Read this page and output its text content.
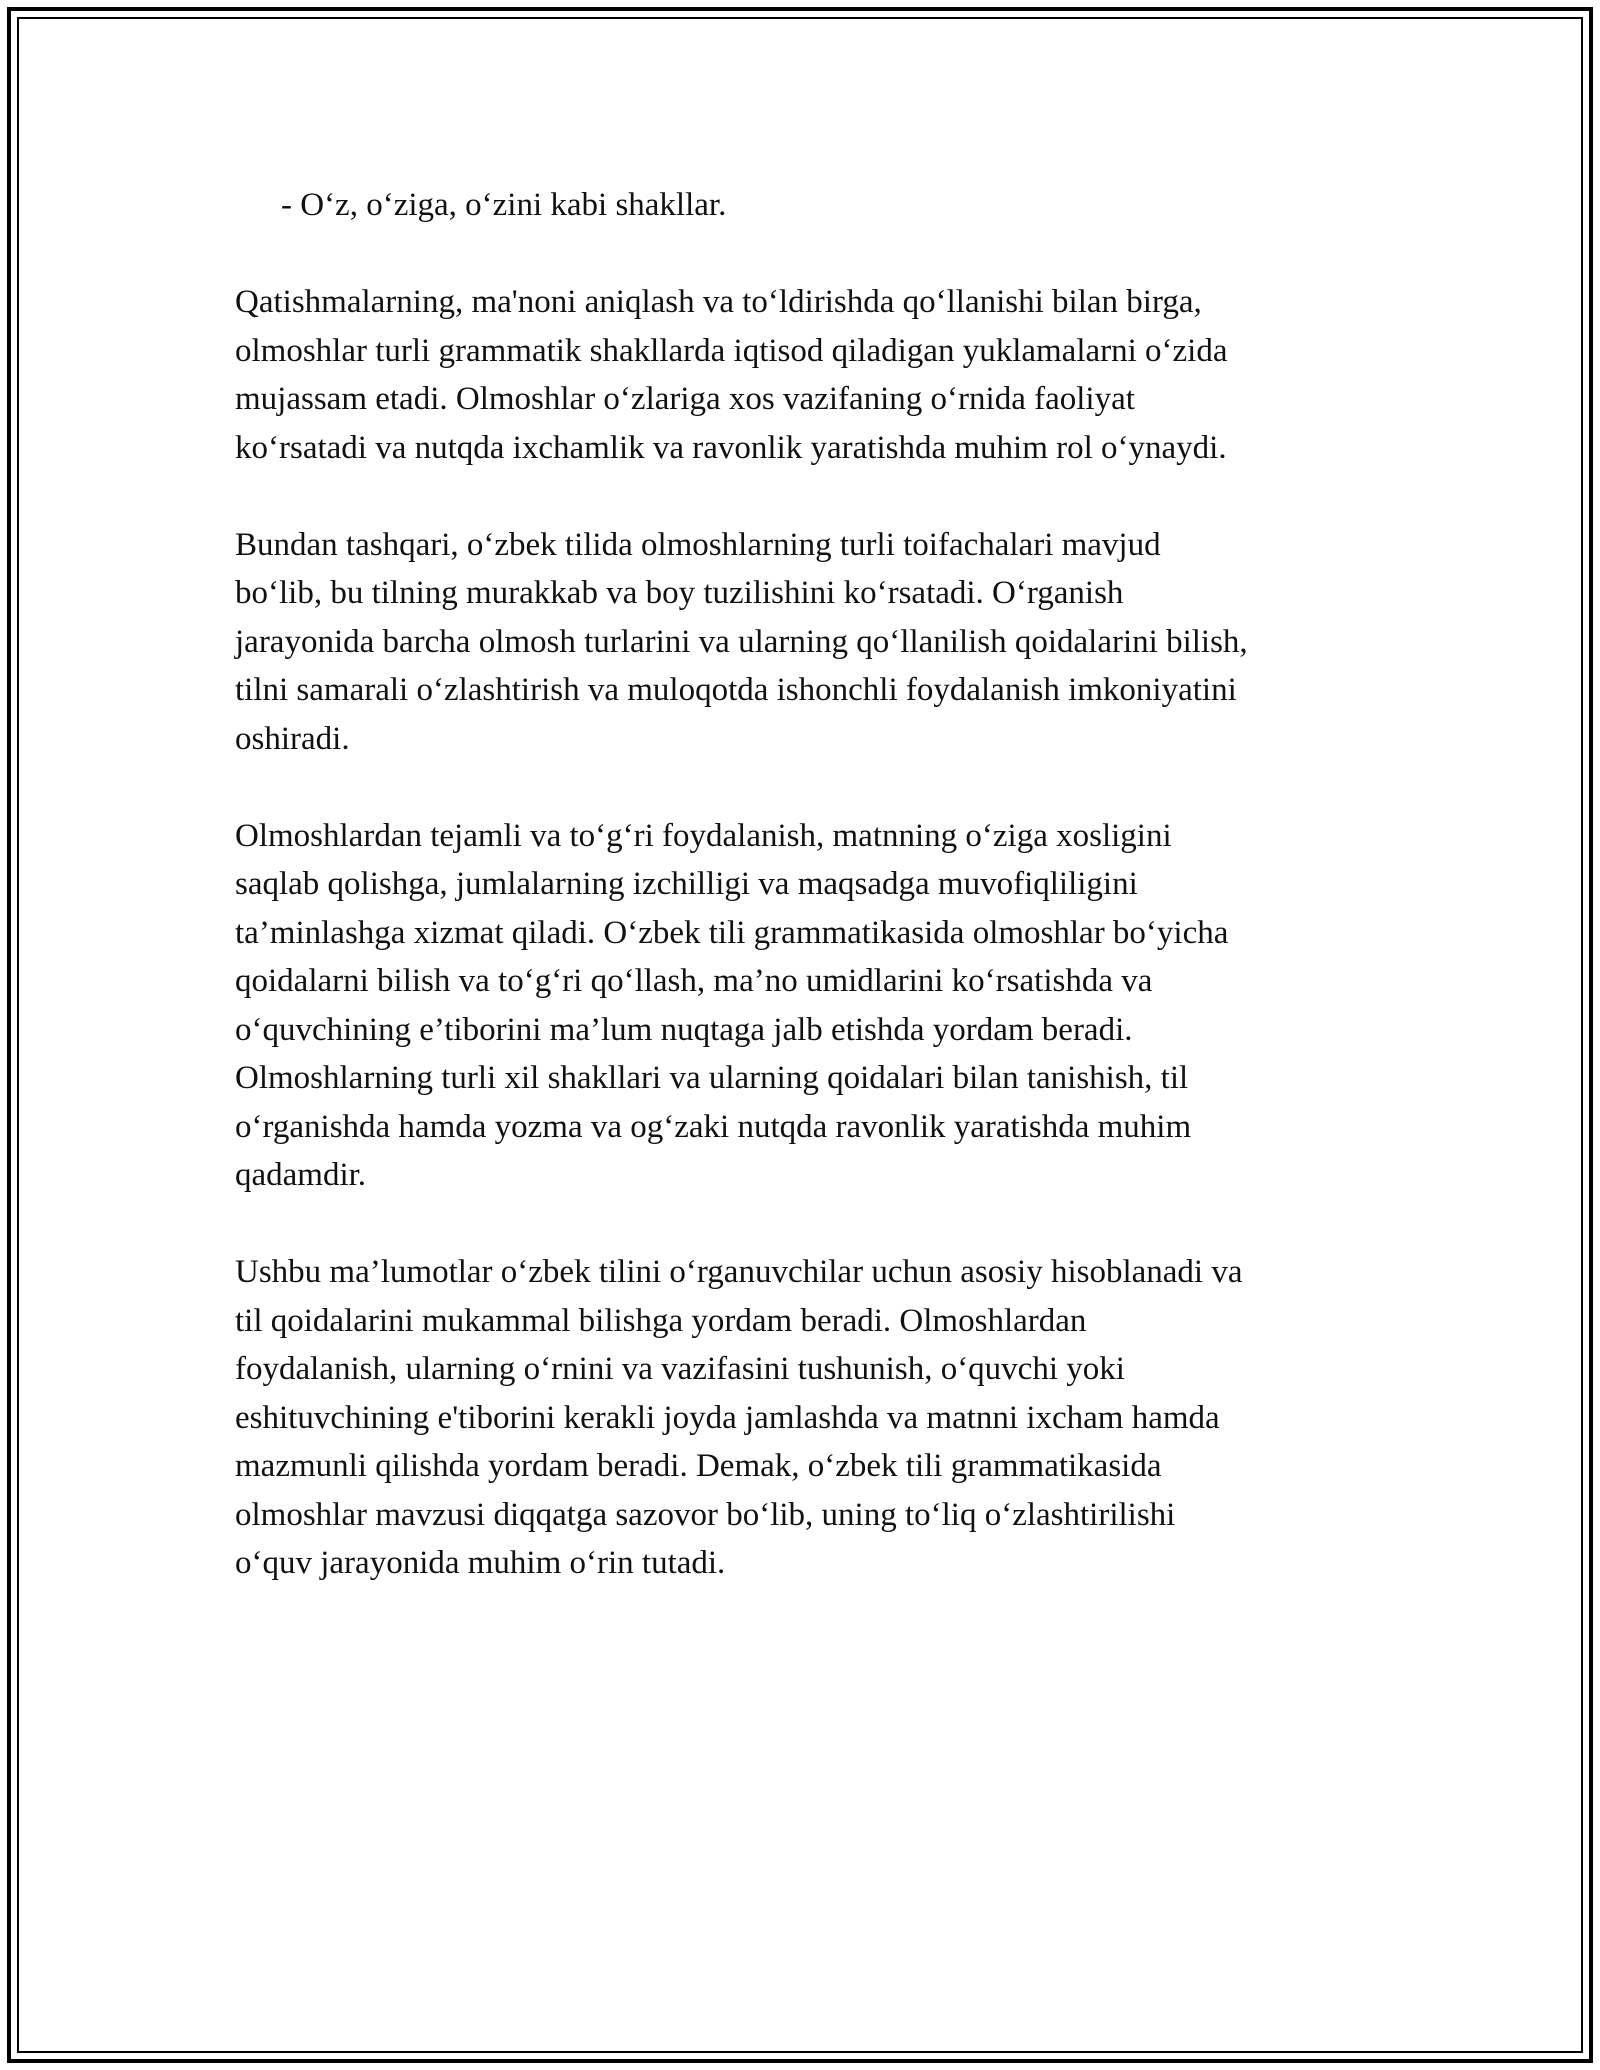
- O‘z, o‘ziga, o‘zini kabi shakllar.
Qatishmalarning, ma'noni aniqlash va to‘ldirishda qo‘llanishi bilan birga,
olmoshlar turli grammatik shakllarda iqtisod qiladigan yuklamalarni o‘zida
mujassam etadi. Olmoshlar o‘zlariga xos vazifaning o‘rnida faoliyat
ko‘rsatadi va nutqda ixchamlik va ravonlik yaratishda muhim rol o‘ynaydi.
Bundan tashqari, o‘zbek tilida olmoshlarning turli toifachalari mavjud
bo‘lib, bu tilning murakkab va boy tuzilishini ko‘rsatadi. O‘rganish
jarayonida barcha olmosh turlarini va ularning qo‘llanilish qoidalarini bilish,
tilni samarali o‘zlashtirish va muloqotda ishonchli foydalanish imkoniyatini
oshiradi.
Olmoshlardan tejamli va to‘g‘ri foydalanish, matnning o‘ziga xosligini
saqlab qolishga, jumlalarning izchilligi va maqsadga muvofiqliligini
ta’minlashga xizmat qiladi. O‘zbek tili grammatikasida olmoshlar bo‘yicha
qoidalarni bilish va to‘g‘ri qo‘llash, ma’no umidlarini ko‘rsatishda va
o‘quvchining e’tiborini ma’lum nuqtaga jalb etishda yordam beradi.
Olmoshlarning turli xil shakllari va ularning qoidalari bilan tanishish, til
o‘rganishda hamda yozma va og‘zaki nutqda ravonlik yaratishda muhim
qadamdir.
Ushbu ma’lumotlar o‘zbek tilini o‘rganuvchilar uchun asosiy hisoblanadi va
til qoidalarini mukammal bilishga yordam beradi. Olmoshlardan
foydalanish, ularning o‘rnini va vazifasini tushunish, o‘quvchi yoki
eshituvchining e'tiborini kerakli joyda jamlashda va matnni ixcham hamda
mazmunli qilishda yordam beradi. Demak, o‘zbek tili grammatikasida
olmoshlar mavzusi diqqatga sazovor bo‘lib, uning to‘liq o‘zlashtirilishi
o‘quv jarayonida muhim o‘rin tutadi.
